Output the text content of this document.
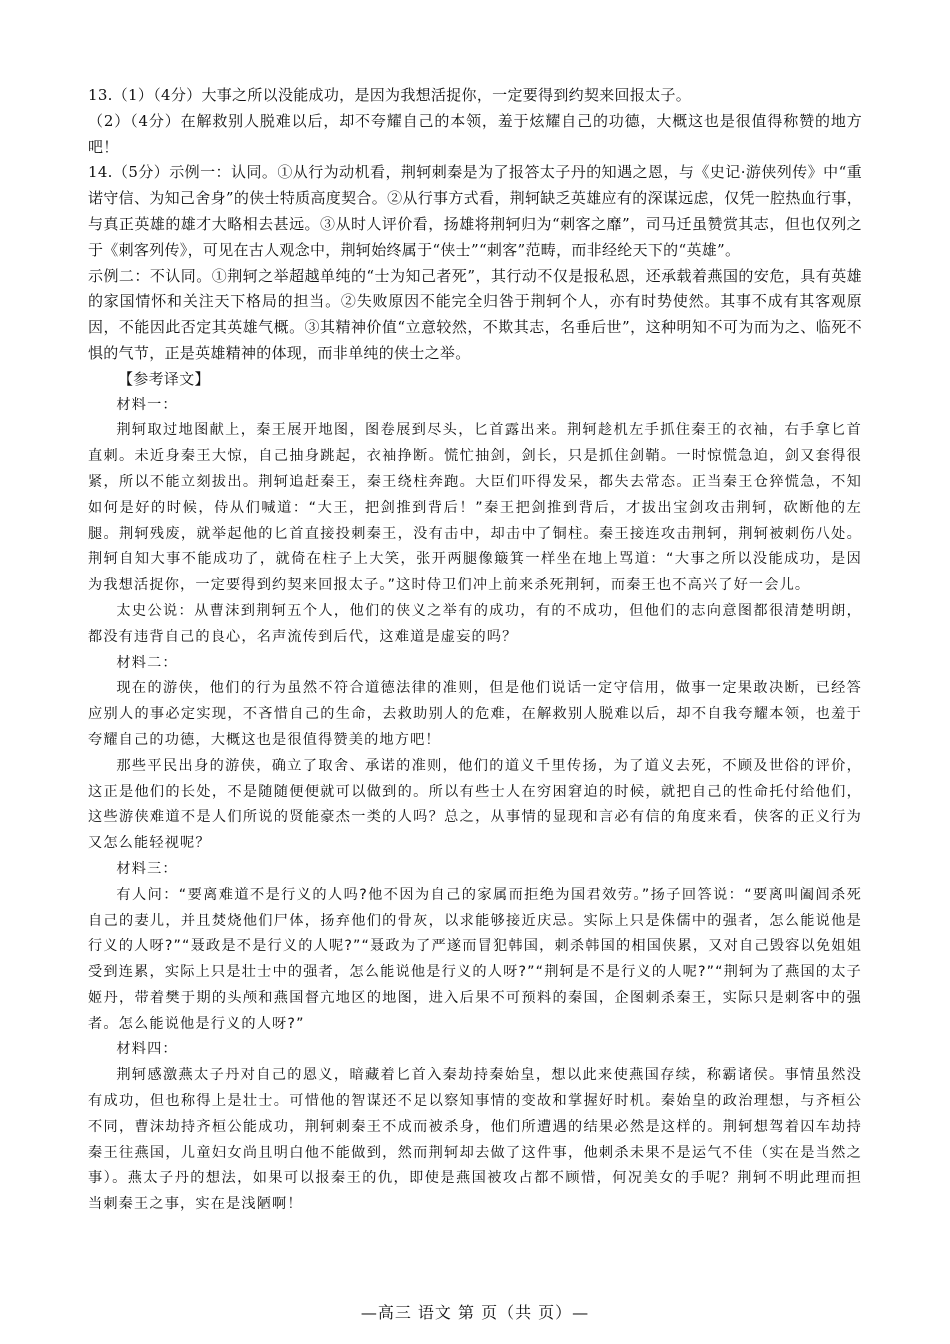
13.（1）（4分）大事之所以没能成功，是因为我想活捉你，一定要得到约契来回报太子。

（2）（4分）在解救别人脱难以后，却不夸耀自己的本领，羞于炫耀自己的功德，大概这也是很值得称赞的地方吧！

14.（5分）示例一：认同。①从行为动机看，荆轲刺秦是为了报答太子丹的知遇之恩，与《史记·游侠列传》中“重诺守信、为知己舍身”的侠士特质高度契合。②从行事方式看，荆轲缺乏英雄应有的深谋远虑，仅凭一腔热血行事，与真正英雄的雄才大略相去甚远。③从时人评价看，扬雄将荆轲归为“刺客之靡”，司马迁虽赞赏其志，但也仅列之于《刺客列传》，可见在古人观念中，荆轲始终属于“侠士”“刺客”范畴，而非经纶天下的“英雄”。

示例二：不认同。①荆轲之举超越单纯的“士为知己者死”，其行动不仅是报私恩，还承载着燕国的安危，具有英雄的家国情怀和关注天下格局的担当。②失败原因不能完全归咎于荆轲个人，亦有时势使然。其事不成有其客观原因，不能因此否定其英雄气概。③其精神价值“立意较然，不欺其志，名垂后世”，这种明知不可为而为之、临死不惧的气节，正是英雄精神的体现，而非单纯的侠士之举。

【参考译文】

材料一：

荆轲取过地图献上，秦王展开地图，图卷展到尽头，匕首露出来。荆轲趁机左手抓住秦王的衣袖，右手拿匕首直刺。未近身秦王大惊，自己抽身跳起，衣袖挣断。慌忙抽剑，剑长，只是抓住剑鞘。一时惊慌急迫，剑又套得很紧，所以不能立刻拔出。荆轲追赶秦王，秦王绕柱奔跑。大臣们吓得发呆，都失去常态。正当秦王仓猝慌急，不知如何是好的时候，侍从们喊道：“大王，把剑推到背后！”秦王把剑推到背后，才拔出宝剑攻击荆轲，砍断他的左腿。荆轲残废，就举起他的匕首直接投刺秦王，没有击中，却击中了铜柱。秦王接连攻击荆轲，荆轲被刺伤八处。荆轲自知大事不能成功了，就倚在柱子上大笑，张开两腿像簸箕一样坐在地上骂道：“大事之所以没能成功，是因为我想活捉你，一定要得到约契来回报太子。”这时侍卫们冲上前来杀死荆轲，而秦王也不高兴了好一会儿。

太史公说：从曹沫到荆轲五个人，他们的侠义之举有的成功，有的不成功，但他们的志向意图都很清楚明朗，都没有违背自己的良心，名声流传到后代，这难道是虚妄的吗？

材料二：

现在的游侠，他们的行为虽然不符合道德法律的准则，但是他们说话一定守信用，做事一定果敢决断，已经答应别人的事必定实现，不吝惜自己的生命，去救助别人的危难，在解救别人脱难以后，却不自我夸耀本领，也羞于夸耀自己的功德，大概这也是很值得赞美的地方吧！

那些平民出身的游侠，确立了取舍、承诺的准则，他们的道义千里传扬，为了道义去死，不顾及世俗的评价，这正是他们的长处，不是随随便便就可以做到的。所以有些士人在穷困窘迫的时候，就把自己的性命托付给他们，这些游侠难道不是人们所说的贤能豪杰一类的人吗？总之，从事情的显现和言必有信的角度来看，侠客的正义行为又怎么能轻视呢？

材料三：

有人问：“要离难道不是行义的人吗?他不因为自己的家属而拒绝为国君效劳。”扬子回答说：“要离叫阖闾杀死自己的妻儿，并且焚烧他们尸体，扬弃他们的骨灰，以求能够接近庆忌。实际上只是侏儒中的强者，怎么能说他是行义的人呀?”“聂政是不是行义的人呢?”“聂政为了严遂而冒犯韩国，刺杀韩国的相国侠累，又对自己毁容以免姐姐受到连累，实际上只是壮士中的强者，怎么能说他是行义的人呀?”“荆轲是不是行义的人呢?”“荆轲为了燕国的太子姬丹，带着樊于期的头颅和燕国督亢地区的地图，进入后果不可预料的秦国，企图刺杀秦王，实际只是刺客中的强者。怎么能说他是行义的人呀?”

材料四：

荆轲感激燕太子丹对自己的恩义，暗藏着匕首入秦劫持秦始皇，想以此来使燕国存续，称霸诸侯。事情虽然没有成功，但也称得上是壮士。可惜他的智谋还不足以察知事情的变故和掌握好时机。秦始皇的政治理想，与齐桓公不同，曹沫劫持齐桓公能成功，荆轲刺秦王不成而被杀身，他们所遭遇的结果必然是这样的。荆轲想驾着囚车劫持秦王往燕国，儿童妇女尚且明白他不能做到，然而荆轲却去做了这件事，他刺杀未果不是运气不佳（实在是当然之事）。燕太子丹的想法，如果可以报秦王的仇，即使是燕国被攻占都不顾惜，何况美女的手呢？荆轲不明此理而担当刺秦王之事，实在是浅陋啊！

—高三 语文 第 页（共 页）—
